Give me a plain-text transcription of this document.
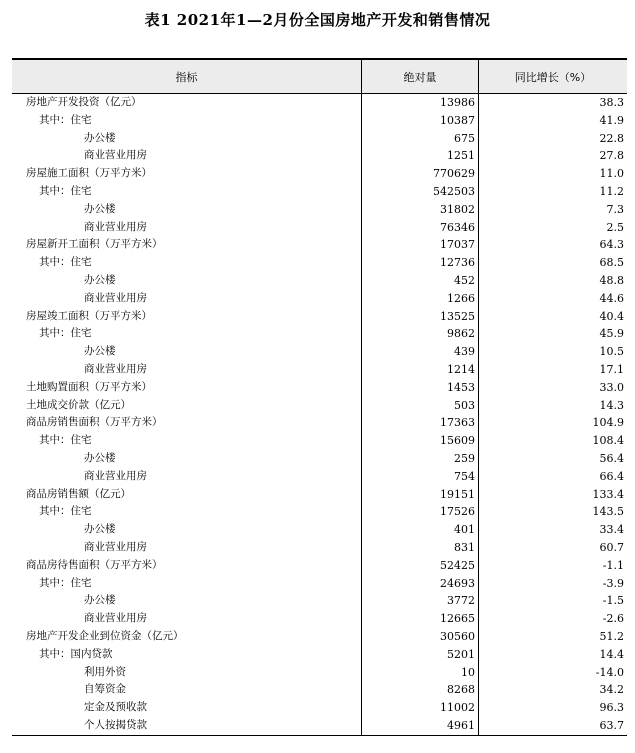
表1 2021年1—2月份全国房地产开发和销售情况
指标	绝对量	同比增长（%）
房地产开发投资（亿元）	13986	38.3
其中：住宅	10387	41.9
办公楼	675	22.8
商业营业用房	1251	27.8
房屋施工面积（万平方米）	770629	11.0
其中：住宅	542503	11.2
办公楼	31802	7.3
商业营业用房	76346	2.5
房屋新开工面积（万平方米）	17037	64.3
其中：住宅	12736	68.5
办公楼	452	48.8
商业营业用房	1266	44.6
房屋竣工面积（万平方米）	13525	40.4
其中：住宅	9862	45.9
办公楼	439	10.5
商业营业用房	1214	17.1
土地购置面积（万平方米）	1453	33.0
土地成交价款（亿元）	503	14.3
商品房销售面积（万平方米）	17363	104.9
其中：住宅	15609	108.4
办公楼	259	56.4
商业营业用房	754	66.4
商品房销售额（亿元）	19151	133.4
其中：住宅	17526	143.5
办公楼	401	33.4
商业营业用房	831	60.7
商品房待售面积（万平方米）	52425	-1.1
其中：住宅	24693	-3.9
办公楼	3772	-1.5
商业营业用房	12665	-2.6
房地产开发企业到位资金（亿元）	30560	51.2
其中：国内贷款	5201	14.4
利用外资	10	-14.0
自筹资金	8268	34.2
定金及预收款	11002	96.3
个人按揭贷款	4961	63.7
